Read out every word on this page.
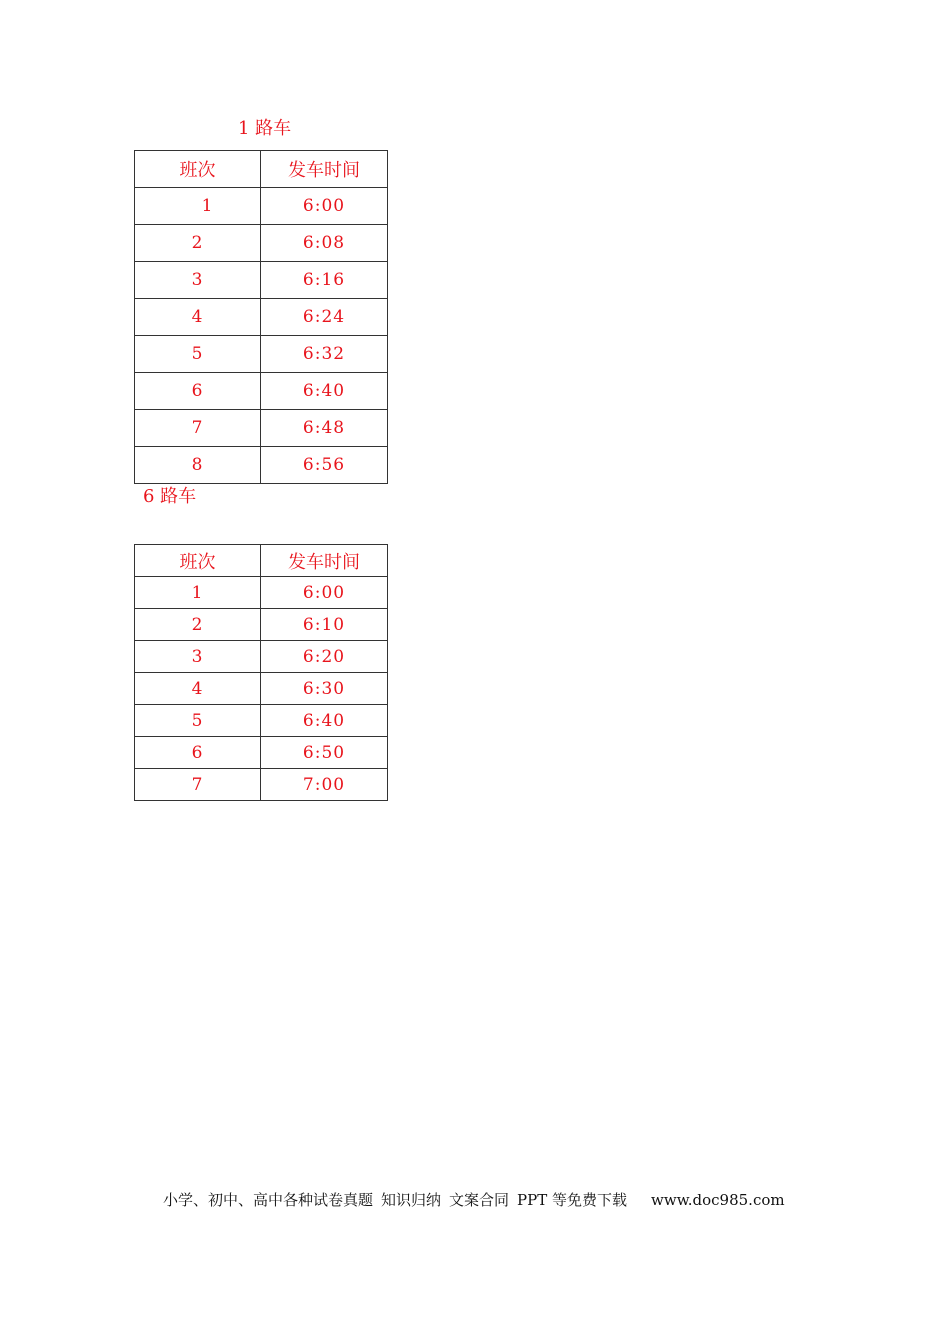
1 路车
班次	发车时间
1	6:00
2	6:08
3	6:16
4	6:24
5	6:32
6	6:40
7	6:48
8	6:56
6 路车
班次	发车时间
1	6:00
2	6:10
3	6:20
4	6:30
5	6:40
6	6:50
7	7:00
小学、初中、高中各种试卷真题 知识归纳 文案合同 PPT 等免费下载 www.doc985.com
